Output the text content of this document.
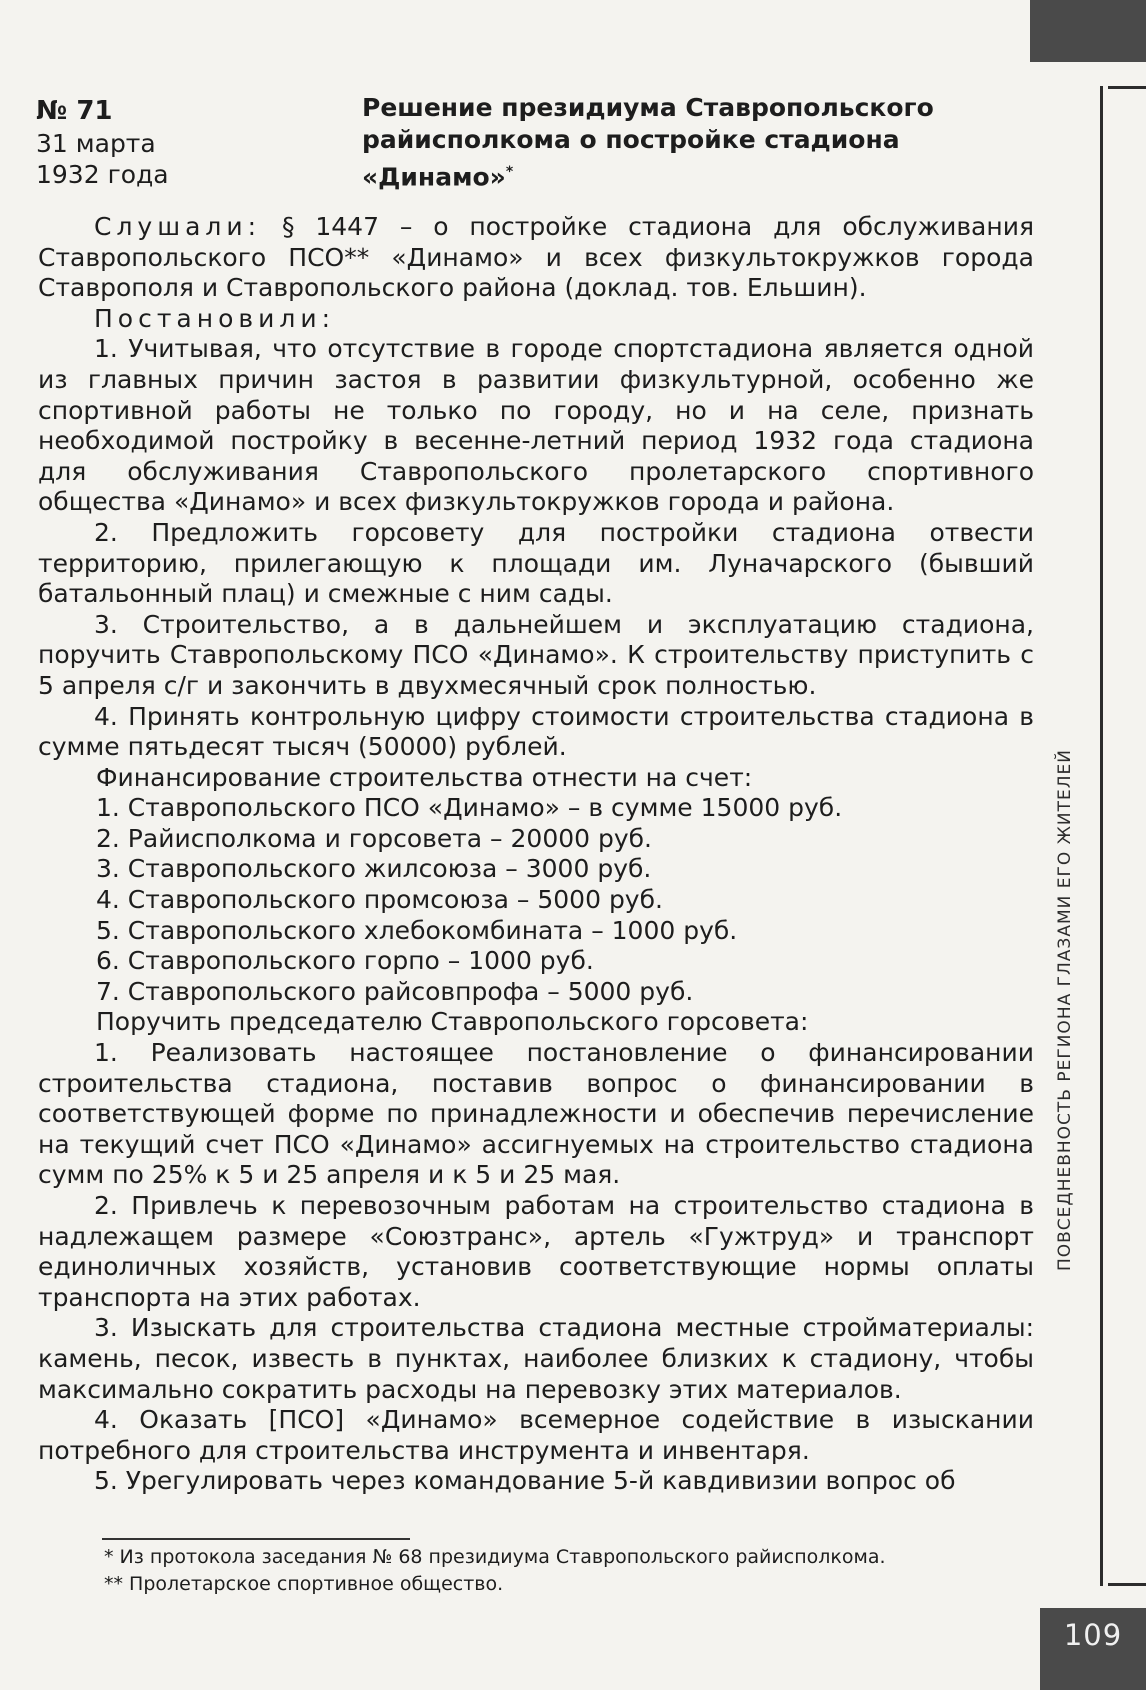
ПОВСЕДНЕВНОСТЬ РЕГИОНА ГЛАЗАМИ ЕГО ЖИТЕЛЕЙ
№ 71
31 марта
1932 года
Решение президиума Ставропольского
райисполкома о постройке стадиона
«Динамо»*

Слушали: § 1447 – о постройке стадиона для обслуживания Ставропольского ПСО** «Динамо» и всех физкультокружков города Ставрополя и Ставропольского района (доклад. тов. Ельшин).

Постановили:

1. Учитывая, что отсутствие в городе спортстадиона является одной из главных причин застоя в развитии физкультурной, особенно же спортивной работы не только по городу, но и на селе, признать необходимой постройку в весенне-летний период 1932 года стадиона для обслуживания Ставропольского пролетарского спортивного общества «Динамо» и всех физкультокружков города и района.

2. Предложить горсовету для постройки стадиона отвести территорию, прилегающую к площади им. Луначарского (бывший батальонный плац) и смежные с ним сады.

3. Строительство, а в дальнейшем и эксплуатацию стадиона, поручить Ставропольскому ПСО «Динамо». К строительству приступить с 5 апреля с/г и закончить в двухмесячный срок полностью.

4. Принять контрольную цифру стоимости строительства стадиона в сумме пятьдесят тысяч (50000) рублей.

Финансирование строительства отнести на счет:

1. Ставропольского ПСО «Динамо» – в сумме 15000 руб.

2. Райисполкома и горсовета – 20000 руб.

3. Ставропольского жилсоюза – 3000 руб.

4. Ставропольского промсоюза – 5000 руб.

5. Ставропольского хлебокомбината – 1000 руб.

6. Ставропольского горпо – 1000 руб.

7. Ставропольского райсовпрофа – 5000 руб.

Поручить председателю Ставропольского горсовета:

1. Реализовать настоящее постановление о финансировании строительства стадиона, поставив вопрос о финансировании в соответствующей форме по принадлежности и обеспечив перечисление на текущий счет ПСО «Динамо» ассигнуемых на строительство стадиона сумм по 25% к 5 и 25 апреля и к 5 и 25 мая.

2. Привлечь к перевозочным работам на строительство стадиона в надлежащем размере «Союзтранс», артель «Гужтруд» и транспорт единоличных хозяйств, установив соответствующие нормы оплаты транспорта на этих работах.

3. Изыскать для строительства стадиона местные стройматериалы: камень, песок, известь в пунктах, наиболее близких к стадиону, чтобы максимально сократить расходы на перевозку этих материалов.

4. Оказать [ПСО] «Динамо» всемерное содействие в изыскании потребного для строительства инструмента и инвентаря.

5. Урегулировать через командование 5-й кавдивизии вопрос об

* Из протокола заседания № 68 президиума Ставропольского райисполкома.
** Пролетарское спортивное общество.
109
